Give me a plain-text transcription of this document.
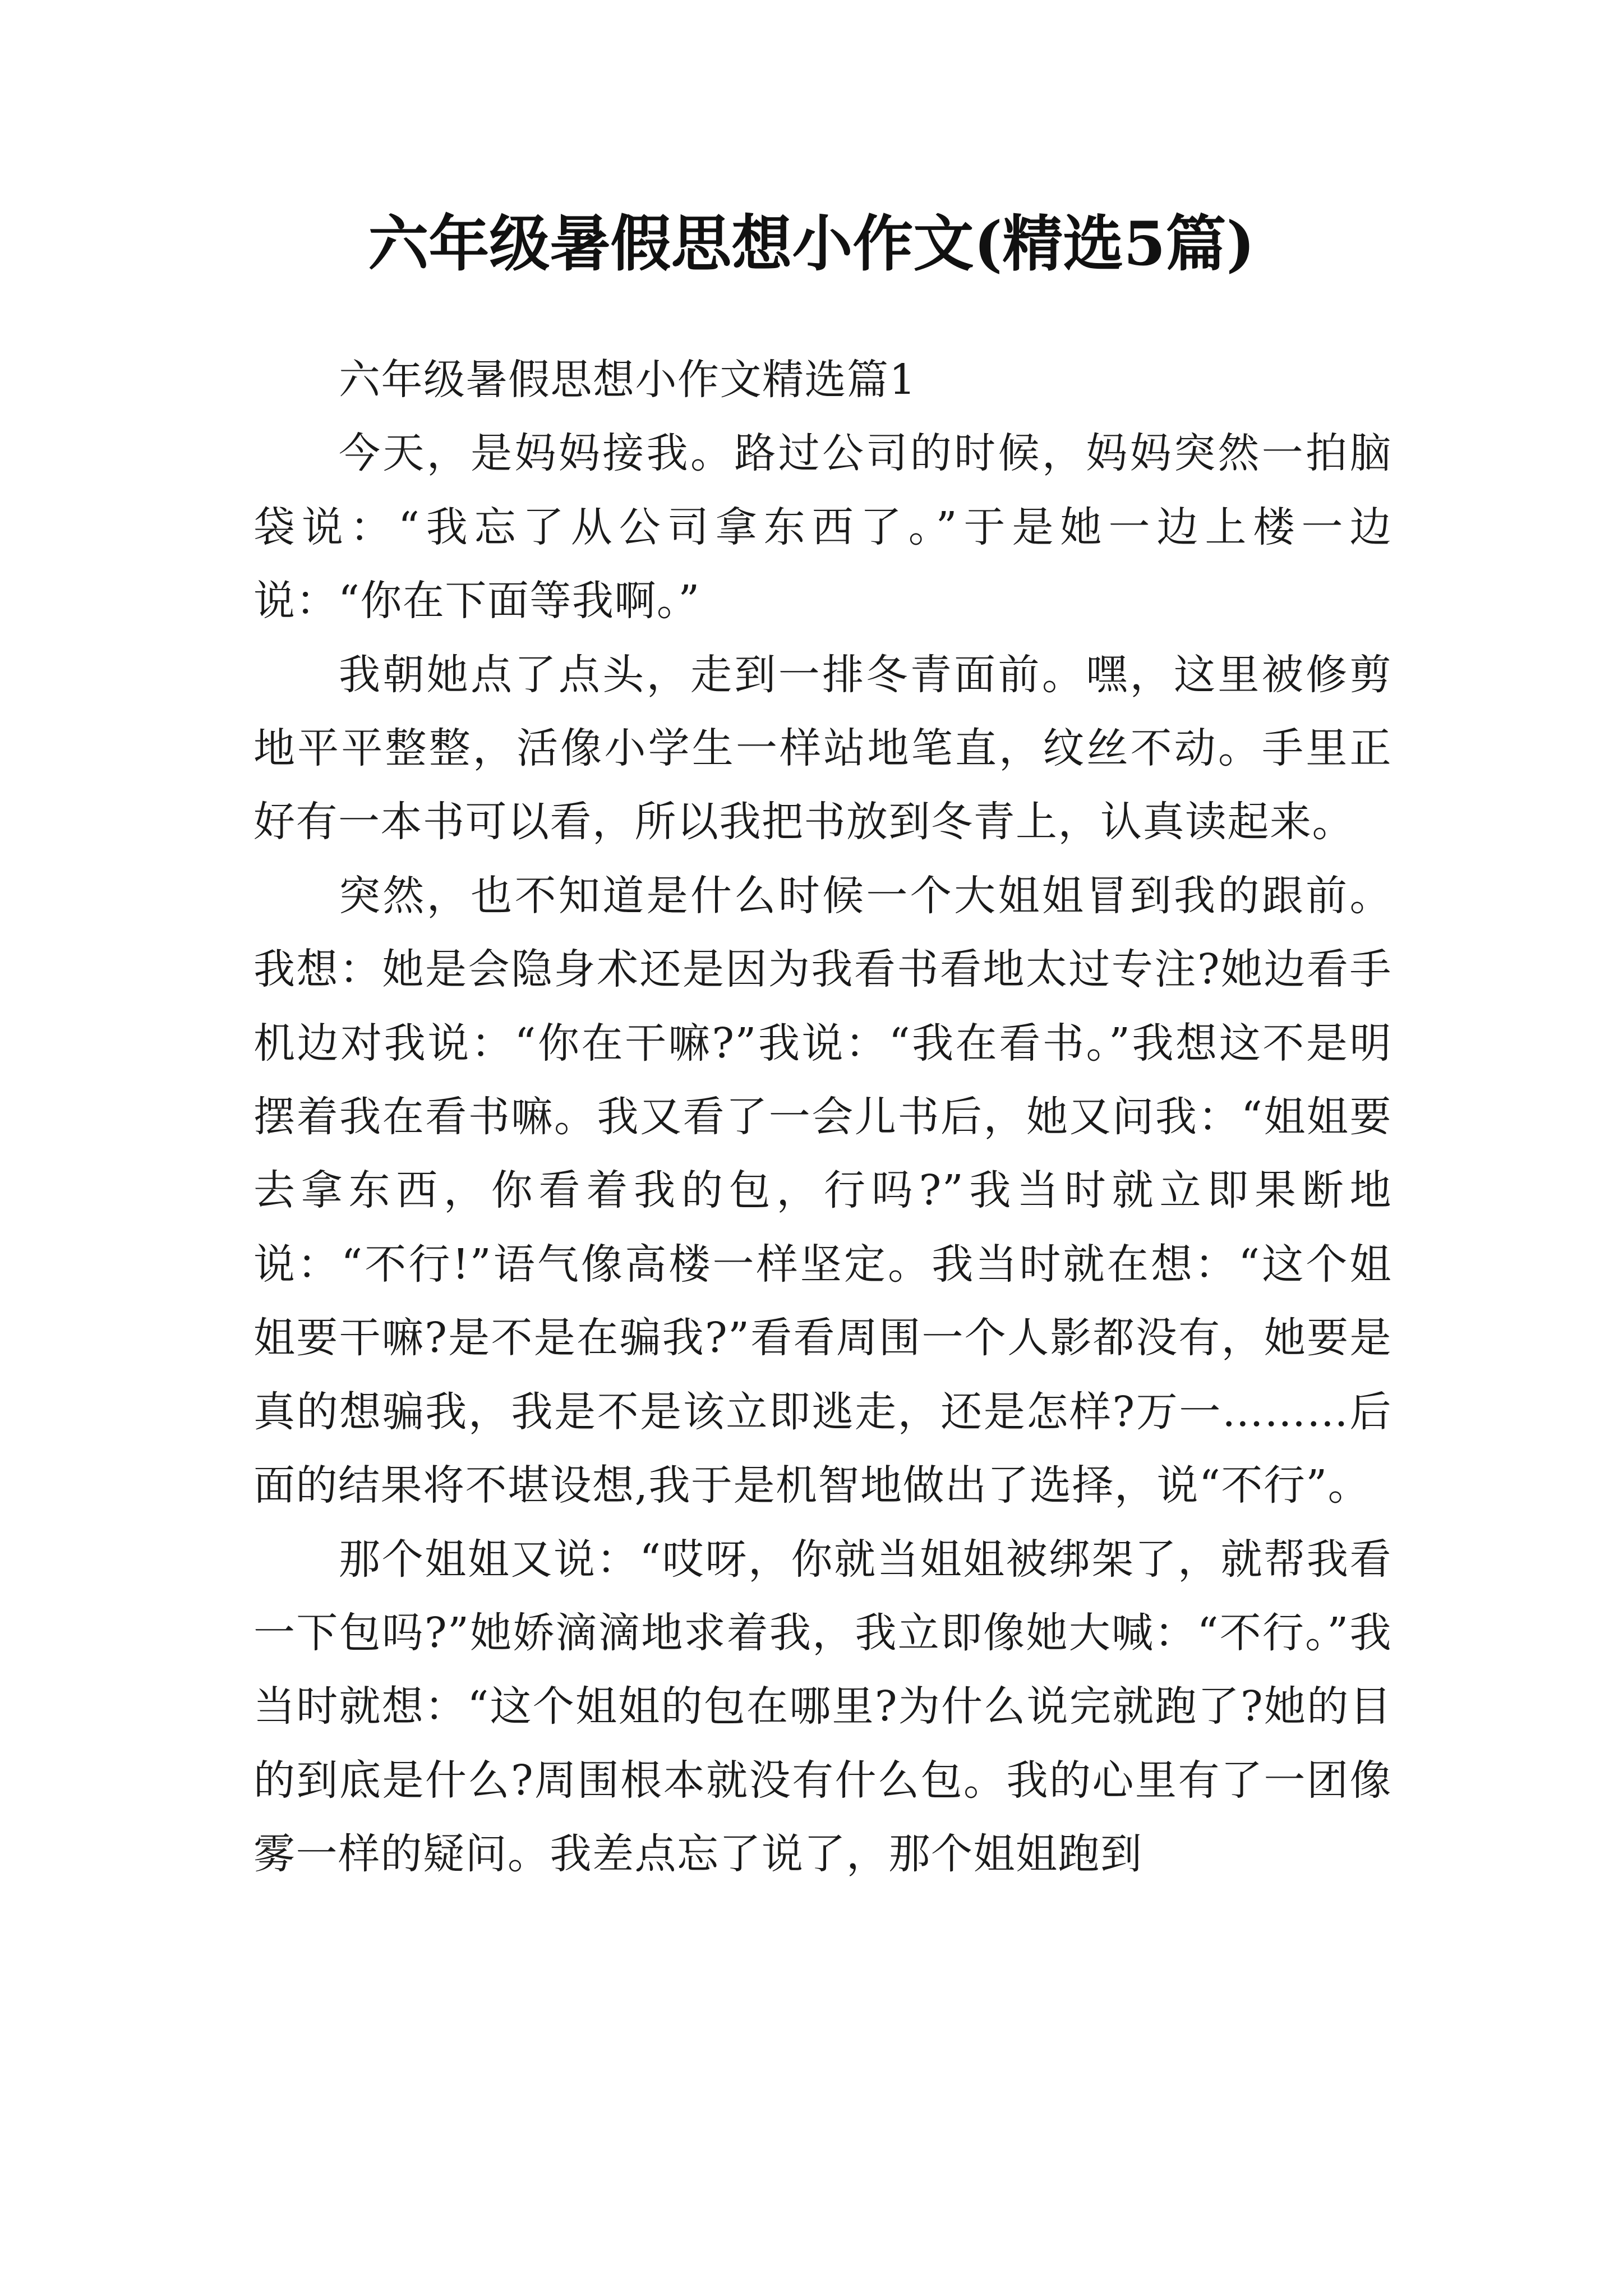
六年级暑假思想小作文(精选5篇)

六年级暑假思想小作文精选篇1

今天，是妈妈接我。路过公司的时候，妈妈突然一拍脑袋说：“我忘了从公司拿东西了。”于是她一边上楼一边说：“你在下面等我啊。”

我朝她点了点头，走到一排冬青面前。嘿，这里被修剪地平平整整，活像小学生一样站地笔直，纹丝不动。手里正好有一本书可以看，所以我把书放到冬青上，认真读起来。

突然，也不知道是什么时候一个大姐姐冒到我的跟前。我想：她是会隐身术还是因为我看书看地太过专注?她边看手机边对我说：“你在干嘛?”我说：“我在看书。”我想这不是明摆着我在看书嘛。我又看了一会儿书后，她又问我：“姐姐要去拿东西，你看着我的包，行吗?”我当时就立即果断地说：“不行!”语气像高楼一样坚定。我当时就在想：“这个姐姐要干嘛?是不是在骗我?”看看周围一个人影都没有，她要是真的想骗我，我是不是该立即逃走，还是怎样?万一………后面的结果将不堪设想,我于是机智地做出了选择，说“不行”。

那个姐姐又说：“哎呀，你就当姐姐被绑架了，就帮我看一下包吗?”她娇滴滴地求着我，我立即像她大喊：“不行。”我当时就想：“这个姐姐的包在哪里?为什么说完就跑了?她的目的到底是什么?周围根本就没有什么包。我的心里有了一团像雾一样的疑问。我差点忘了说了，那个姐姐跑到
